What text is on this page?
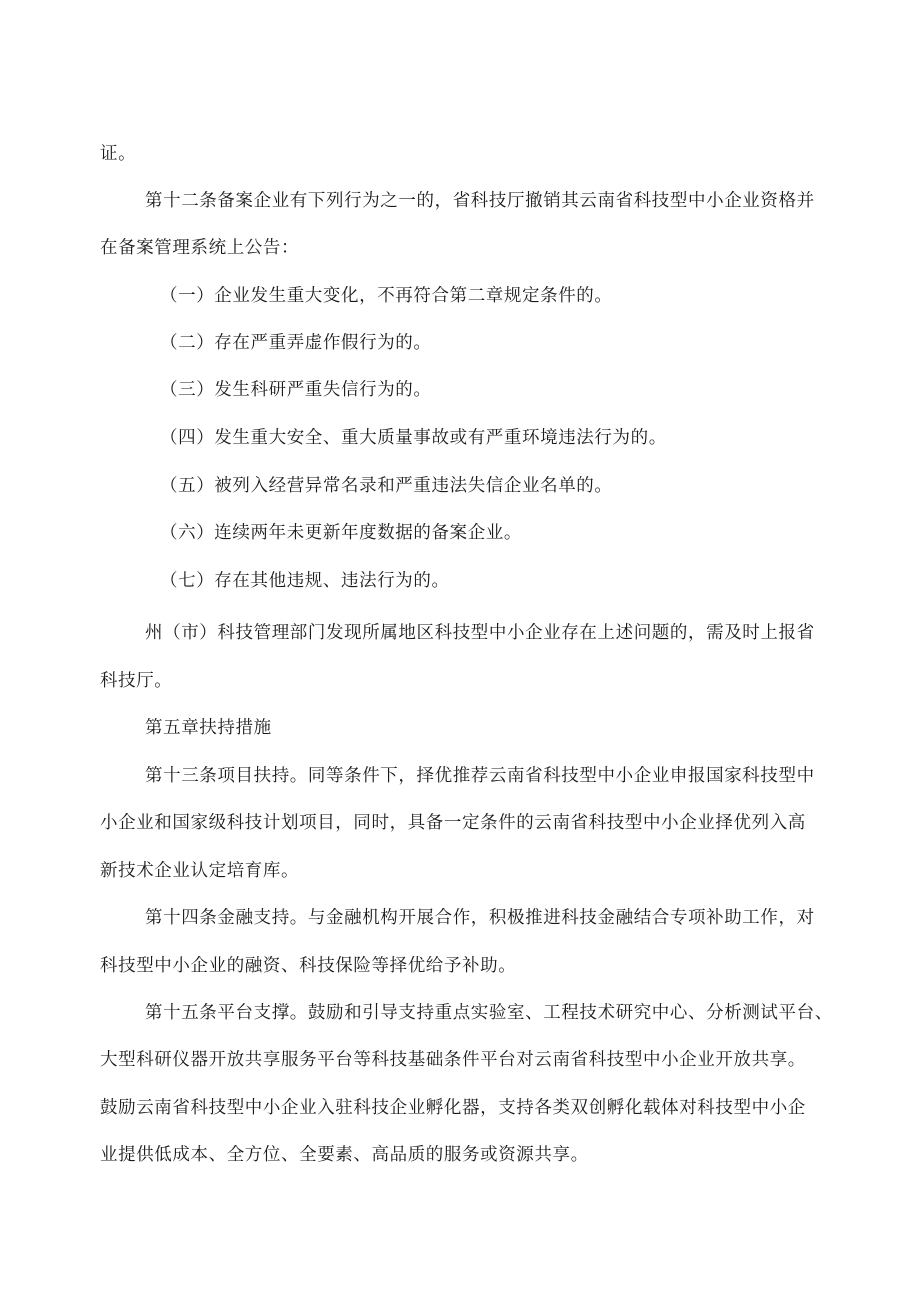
证。
第十二条备案企业有下列行为之一的，省科技厅撤销其云南省科技型中小企业资格并
在备案管理系统上公告：
（一）企业发生重大变化，不再符合第二章规定条件的。
（二）存在严重弄虚作假行为的。
（三）发生科研严重失信行为的。
（四）发生重大安全、重大质量事故或有严重环境违法行为的。
（五）被列入经营异常名录和严重违法失信企业名单的。
（六）连续两年未更新年度数据的备案企业。
（七）存在其他违规、违法行为的。
州（市）科技管理部门发现所属地区科技型中小企业存在上述问题的，需及时上报省
科技厅。
第五章扶持措施
第十三条项目扶持。同等条件下，择优推荐云南省科技型中小企业申报国家科技型中
小企业和国家级科技计划项目，同时，具备一定条件的云南省科技型中小企业择优列入高
新技术企业认定培育库。
第十四条金融支持。与金融机构开展合作，积极推进科技金融结合专项补助工作，对
科技型中小企业的融资、科技保险等择优给予补助。
第十五条平台支撑。鼓励和引导支持重点实验室、工程技术研究中心、分析测试平台、
大型科研仪器开放共享服务平台等科技基础条件平台对云南省科技型中小企业开放共享。
鼓励云南省科技型中小企业入驻科技企业孵化器，支持各类双创孵化载体对科技型中小企
业提供低成本、全方位、全要素、高品质的服务或资源共享。
